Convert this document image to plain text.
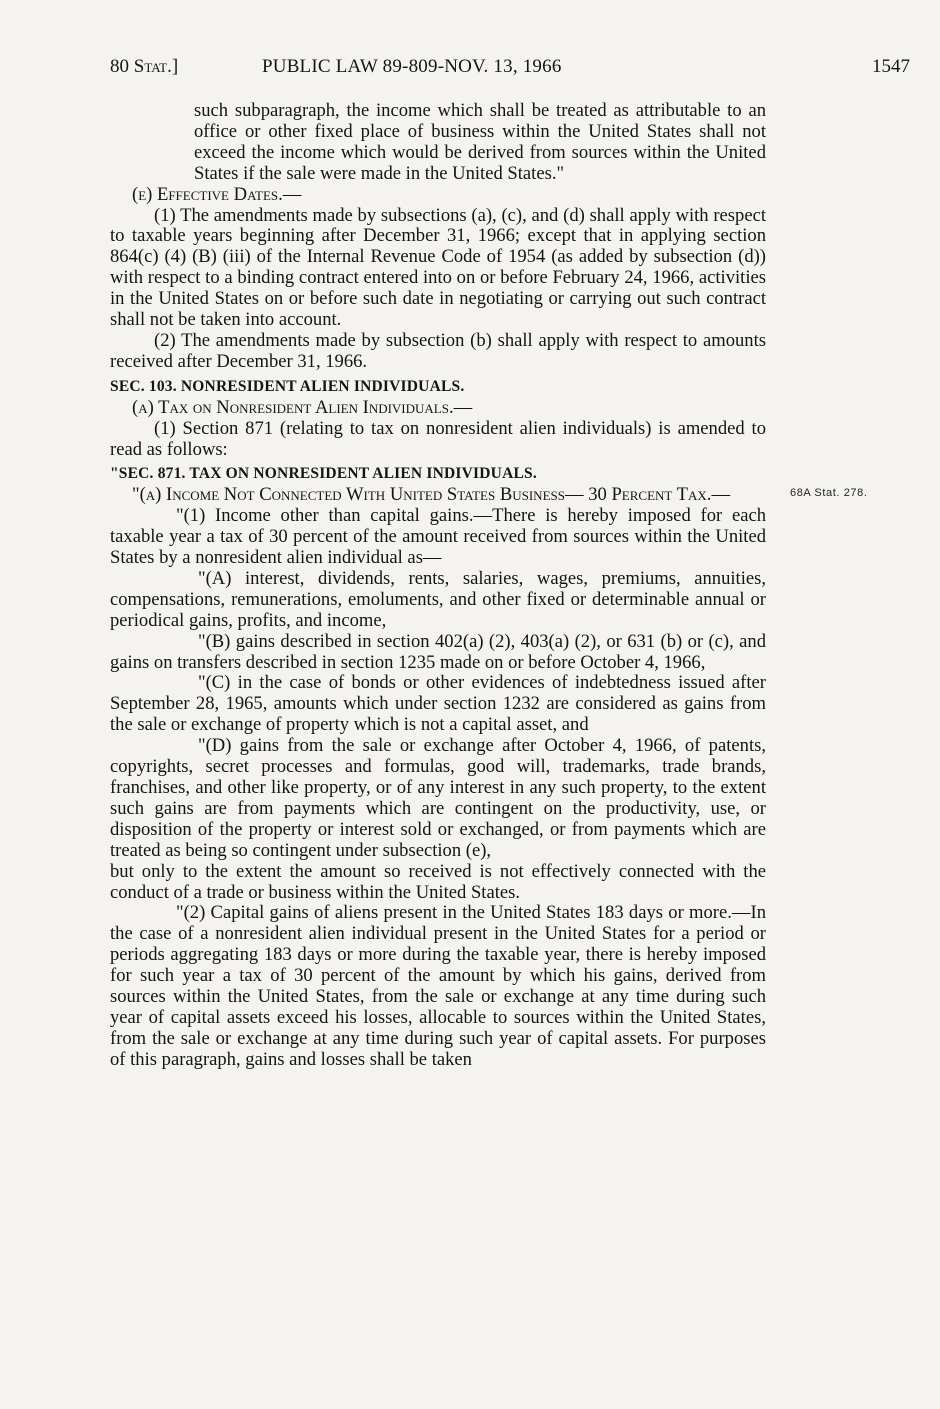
80 Stat.]	PUBLIC LAW 89-809-NOV. 13, 1966	1547
68A Stat. 278.

such subparagraph, the income which shall be treated as attributable to an office or other fixed place of business within the United States shall not exceed the income which would be derived from sources within the United States if the sale were made in the United States."

(e) Effective Dates.—

(1) The amendments made by subsections (a), (c), and (d) shall apply with respect to taxable years beginning after December 31, 1966; except that in applying section 864(c) (4) (B) (iii) of the Internal Revenue Code of 1954 (as added by subsection (d)) with respect to a binding contract entered into on or before February 24, 1966, activities in the United States on or before such date in negotiating or carrying out such contract shall not be taken into account.

(2) The amendments made by subsection (b) shall apply with respect to amounts received after December 31, 1966.

SEC. 103. NONRESIDENT ALIEN INDIVIDUALS.

(a) Tax on Nonresident Alien Individuals.—

(1) Section 871 (relating to tax on nonresident alien individuals) is amended to read as follows:

"SEC. 871. TAX ON NONRESIDENT ALIEN INDIVIDUALS.

"(a) Income Not Connected With United States Business— 30 Percent Tax.—

"(1) Income other than capital gains.—There is hereby imposed for each taxable year a tax of 30 percent of the amount received from sources within the United States by a nonresident alien individual as—

"(A) interest, dividends, rents, salaries, wages, premiums, annuities, compensations, remunerations, emoluments, and other fixed or determinable annual or periodical gains, profits, and income,

"(B) gains described in section 402(a) (2), 403(a) (2), or 631 (b) or (c), and gains on transfers described in section 1235 made on or before October 4, 1966,

"(C) in the case of bonds or other evidences of indebtedness issued after September 28, 1965, amounts which under section 1232 are considered as gains from the sale or exchange of property which is not a capital asset, and

"(D) gains from the sale or exchange after October 4, 1966, of patents, copyrights, secret processes and formulas, good will, trademarks, trade brands, franchises, and other like property, or of any interest in any such property, to the extent such gains are from payments which are contingent on the productivity, use, or disposition of the property or interest sold or exchanged, or from payments which are treated as being so contingent under subsection (e),

but only to the extent the amount so received is not effectively connected with the conduct of a trade or business within the United States.

"(2) Capital gains of aliens present in the United States 183 days or more.—In the case of a nonresident alien individual present in the United States for a period or periods aggregating 183 days or more during the taxable year, there is hereby imposed for such year a tax of 30 percent of the amount by which his gains, derived from sources within the United States, from the sale or exchange at any time during such year of capital assets exceed his losses, allocable to sources within the United States, from the sale or exchange at any time during such year of capital assets. For purposes of this paragraph, gains and losses shall be taken
